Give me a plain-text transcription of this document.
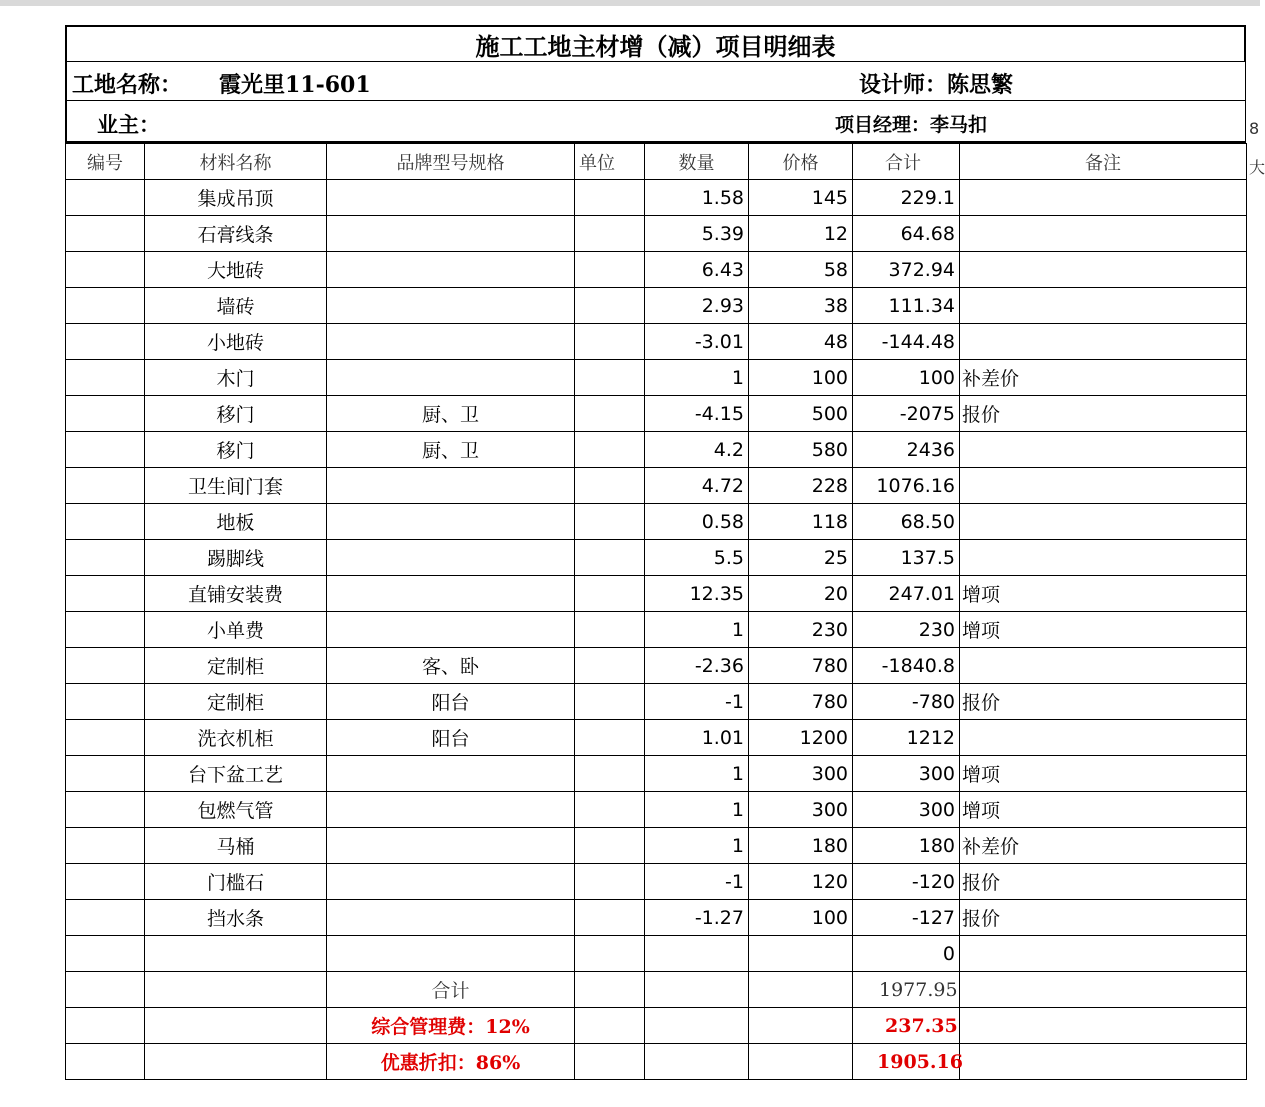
8
大
施工工地主材增（减）项目明细表
工地名称： 霞光里11-601	设计师：陈思繁
业主：	项目经理：李马扣
编号	材料名称	品牌型号规格	单位	数量	价格	合计	备注
	集成吊顶			1.58	145	229.1	
	石膏线条			5.39	12	64.68	
	大地砖			6.43	58	372.94	
	墙砖			2.93	38	111.34	
	小地砖			-3.01	48	-144.48	
	木门			1	100	100	补差价
	移门	厨、卫		-4.15	500	-2075	报价
	移门	厨、卫		4.2	580	2436	
	卫生间门套			4.72	228	1076.16	
	地板			0.58	118	68.50	
	踢脚线			5.5	25	137.5	
	直铺安装费			12.35	20	247.01	增项
	小单费			1	230	230	增项
	定制柜	客、卧		-2.36	780	-1840.8	
	定制柜	阳台		-1	780	-780	报价
	洗衣机柜	阳台		1.01	1200	1212	
	台下盆工艺			1	300	300	增项
	包燃气管			1	300	300	增项
	马桶			1	180	180	补差价
	门槛石			-1	120	-120	报价
	挡水条			-1.27	100	-127	报价
						0	
		合计				1977.95	
		综合管理费：12%				237.35	
		优惠折扣：86%				1905.16	
